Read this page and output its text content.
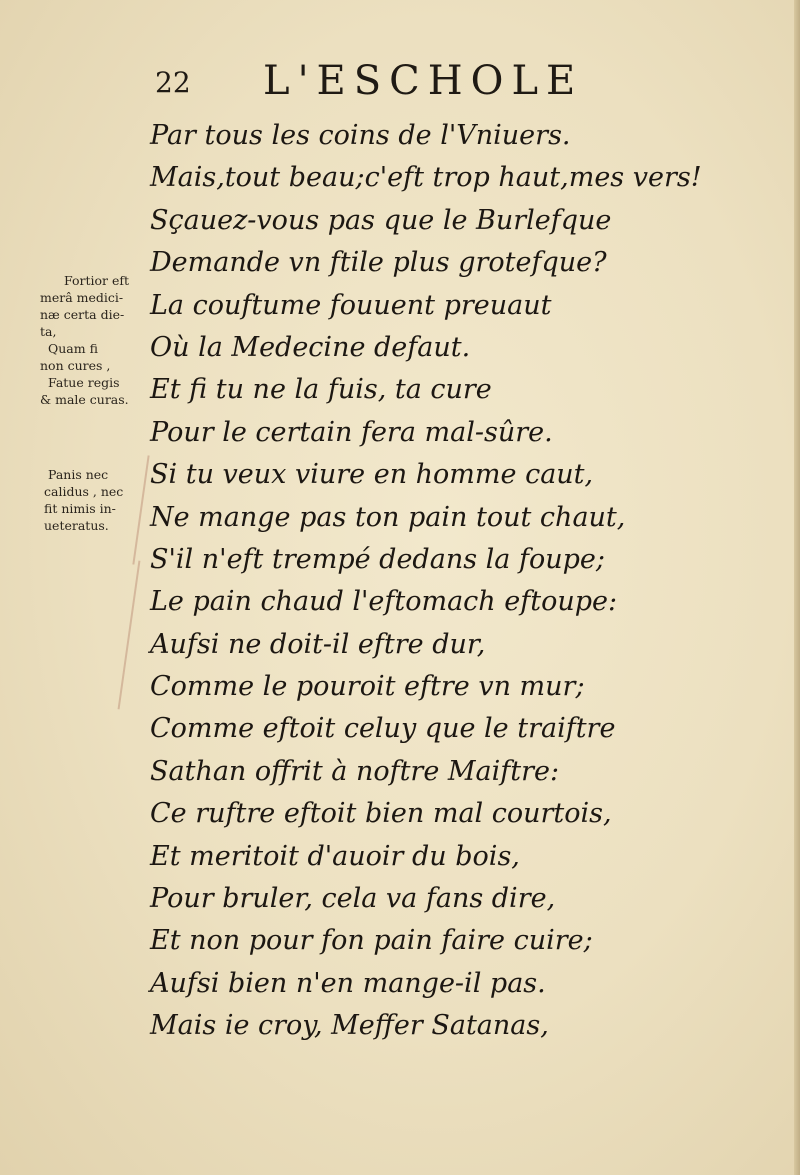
22 L'ESCHOLE
Fortior eft
merâ medici-
næ certa die-
ta,
Quam fi
non cures ,
Fatue regis
& male curas.
Panis nec
calidus , nec
fit nimis in-
ueteratus.
Par tous les coins de l'Vniuers.
Mais,tout beau;c'eft trop haut,mes vers!
Sçauez-vous pas que le Burlefque
Demande vn ftile plus grotefque?
La couftume fouuent preuaut
Où la Medecine defaut.
Et fi tu ne la fuis, ta cure
Pour le certain fera mal-sûre.
Si tu veux viure en homme caut,
Ne mange pas ton pain tout chaut,
S'il n'eft trempé dedans la foupe;
Le pain chaud l'eftomach eftoupe:
Aufsi ne doit-il eftre dur,
Comme le pouroit eftre vn mur;
Comme eftoit celuy que le traiftre
Sathan offrit à noftre Maiftre:
Ce ruftre eftoit bien mal courtois,
Et meritoit d'auoir du bois,
Pour bruler, cela va fans dire,
Et non pour fon pain faire cuire;
Aufsi bien n'en mange-il pas.
Mais ie croy, Meffer Satanas,
